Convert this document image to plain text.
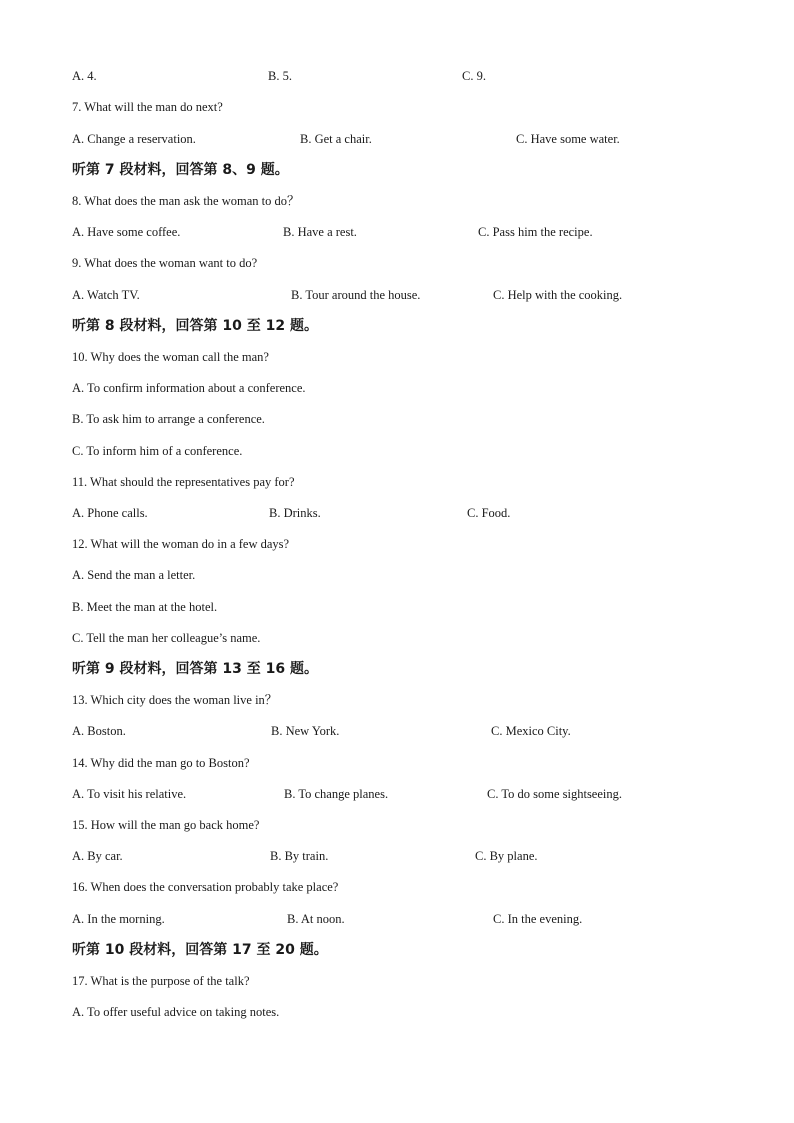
A. 4.	B. 5.	C. 9.
7. What will the man do next?
A. Change a reservation.	B. Get a chair.	C. Have some water.
听第 7 段材料，回答第 8、9 题。
8. What does the man ask the woman to do？
A. Have some coffee.	B. Have a rest.	C. Pass him the recipe.
9. What does the woman want to do?
A. Watch TV.	B. Tour around the house.	C. Help with the cooking.
听第 8 段材料，回答第 10 至 12 题。
10. Why does the woman call the man?
A. To confirm information about a conference.
B. To ask him to arrange a conference.
C. To inform him of a conference.
11. What should the representatives pay for?
A. Phone calls.	B. Drinks.	C. Food.
12. What will the woman do in a few days?
A. Send the man a letter.
B. Meet the man at the hotel.
C. Tell the man her colleague’s name.
听第 9 段材料，回答第 13 至 16 题。
13. Which city does the woman live in？
A. Boston.	B. New York.	C. Mexico City.
14. Why did the man go to Boston?
A. To visit his relative.	B. To change planes.	C. To do some sightseeing.
15. How will the man go back home?
A. By car.	B. By train.	C. By plane.
16. When does the conversation probably take place?
A. In the morning.	B. At noon.	C. In the evening.
听第 10 段材料，回答第 17 至 20 题。
17. What is the purpose of the talk?
A. To offer useful advice on taking notes.
